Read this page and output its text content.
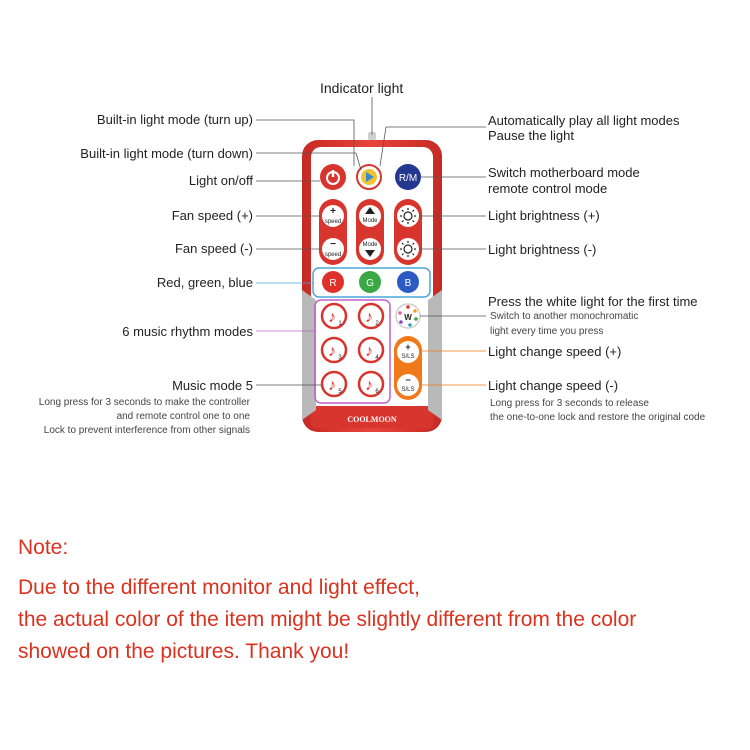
Indicator light
Built-in light mode (turn up)
Built-in light mode (turn down)
Light on/off
Fan speed (+)
Fan speed (-)
Red, green, blue
6 music rhythm modes
Music mode 5
Long press for 3 seconds to make the controller
and remote control one to one
Lock to prevent interference from other signals
Automatically play all light modes
Pause the light
Switch motherboard mode
remote control mode
Light brightness (+)
Light brightness (-)
Press the white light for the first time
Switch to another monochromatic
light every time you press
Light change speed (+)
Light change speed (-)
Long press for 3 seconds to release
the one-to-one lock and restore the original code
COOLMOON
R/M
+
speed
−
speed
Mode
Mode
R	G	B
♪ 1 ♪ 2
♪ 3 ♪ 4
♪ 5 ♪ 6
W
+
S/LS
−
S/LS
Note:
Due to the different monitor and light effect,
the actual color of the item might be slightly different from the color
showed on the pictures. Thank you!
